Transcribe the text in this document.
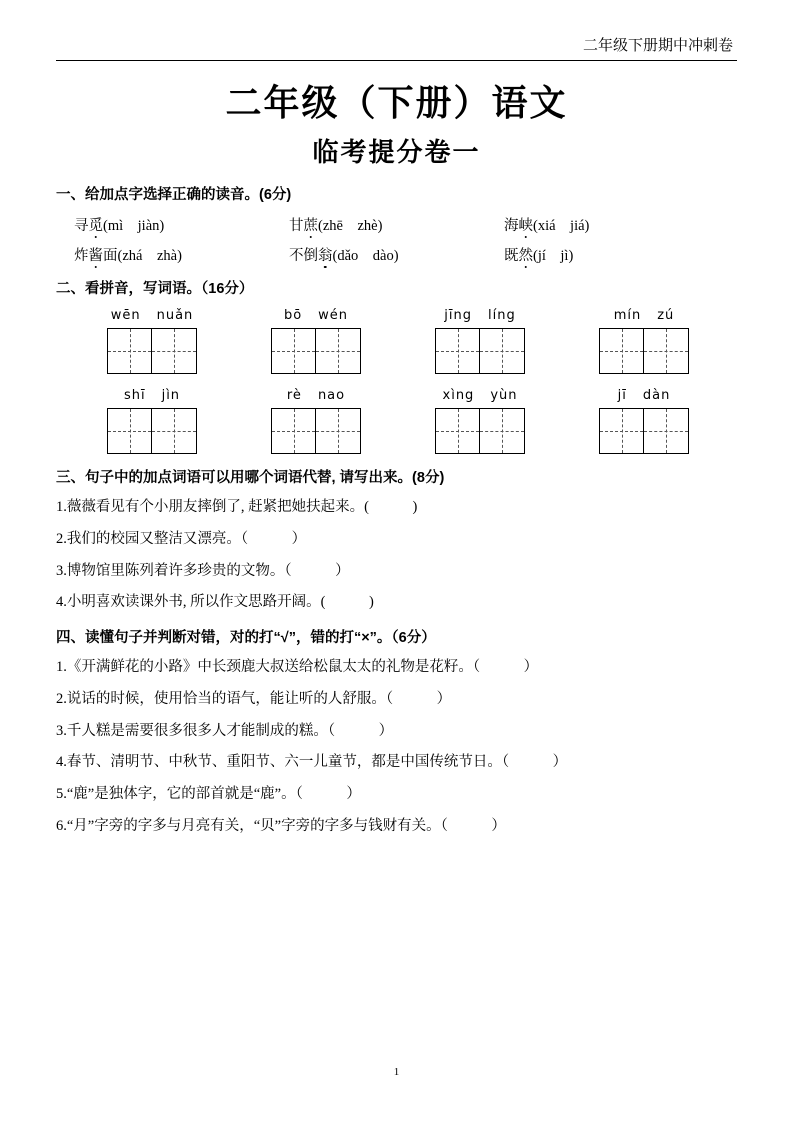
二年级下册期中冲刺卷
二年级（下册）语文
临考提分卷一
一、给加点字选择正确的读音。(6分)
寻觅(mì　jiàn)	甘蔗(zhē　zhè)	海峡(xiá　jiá)
炸酱面(zhá　zhà)	不倒翁(dǎo　dào)	既然(jí　jì)
二、看拼音，写词语。（16分）
wēn nuǎn	bō wén	jīng líng	mín zú
shī jìn	rè nao	xìng yùn	jī dàn
三、句子中的加点词语可以用哪个词语代替, 请写出来。(8分)
1.薇薇看见有个小朋友摔倒了, 赶紧把她扶起来。(　　　)
2.我们的校园又整洁又漂亮。（　　　）
3.博物馆里陈列着许多珍贵的文物。（　　　）
4.小明喜欢读课外书, 所以作文思路开阔。(　　　)
四、读懂句子并判断对错，对的打“√”，错的打“×”。（6分）
1.《开满鲜花的小路》中长颈鹿大叔送给松鼠太太的礼物是花籽。（　　　）
2.说话的时候，使用恰当的语气，能让听的人舒服。（　　　）
3.千人糕是需要很多很多人才能制成的糕。（　　　）
4.春节、清明节、中秋节、重阳节、六一儿童节，都是中国传统节日。（　　　）
5.“鹿”是独体字，它的部首就是“鹿”。（　　　）
6.“月”字旁的字多与月亮有关，“贝”字旁的字多与钱财有关。（　　　）
1
